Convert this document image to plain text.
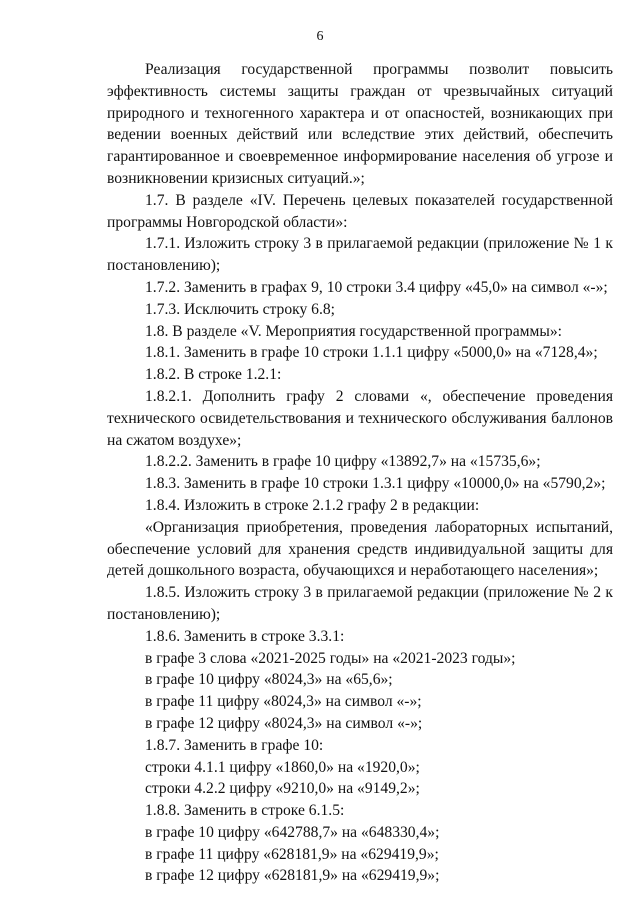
6

Реализация государственной программы позволит повысить эффективность системы защиты граждан от чрезвычайных ситуаций природного и техногенного характера и от опасностей, возникающих при ведении военных действий или вследствие этих действий, обеспечить гарантированное и своевременное информирование населения об угрозе и возникновении кризисных ситуаций.»;

1.7. В разделе «IV. Перечень целевых показателей государственной программы Новгородской области»:

1.7.1. Изложить строку 3 в прилагаемой редакции (приложение № 1 к постановлению);

1.7.2. Заменить в графах 9, 10 строки 3.4 цифру «45,0» на символ «-»;

1.7.3. Исключить строку 6.8;

1.8. В разделе «V. Мероприятия государственной программы»:

1.8.1. Заменить в графе 10 строки 1.1.1 цифру «5000,0» на «7128,4»;

1.8.2. В строке 1.2.1:

1.8.2.1. Дополнить графу 2 словами «, обеспечение проведения технического освидетельствования и технического обслуживания баллонов на сжатом воздухе»;

1.8.2.2. Заменить в графе 10 цифру «13892,7» на «15735,6»;

1.8.3. Заменить в графе 10 строки 1.3.1 цифру «10000,0» на «5790,2»;

1.8.4. Изложить в строке 2.1.2 графу 2 в редакции:

«Организация приобретения, проведения лабораторных испытаний, обеспечение условий для хранения средств индивидуальной защиты для детей дошкольного возраста, обучающихся и неработающего населения»;

1.8.5. Изложить строку 3 в прилагаемой редакции (приложение № 2 к постановлению);

1.8.6. Заменить в строке 3.3.1:

в графе 3 слова «2021-2025 годы» на «2021-2023 годы»;

в графе 10 цифру «8024,3» на «65,6»;

в графе 11 цифру «8024,3» на символ «-»;

в графе 12 цифру «8024,3» на символ «-»;

1.8.7. Заменить в графе 10:

строки 4.1.1 цифру «1860,0» на «1920,0»;

строки 4.2.2 цифру «9210,0» на «9149,2»;

1.8.8. Заменить в строке 6.1.5:

в графе 10 цифру «642788,7» на «648330,4»;

в графе 11 цифру «628181,9» на «629419,9»;

в графе 12 цифру «628181,9» на «629419,9»;
